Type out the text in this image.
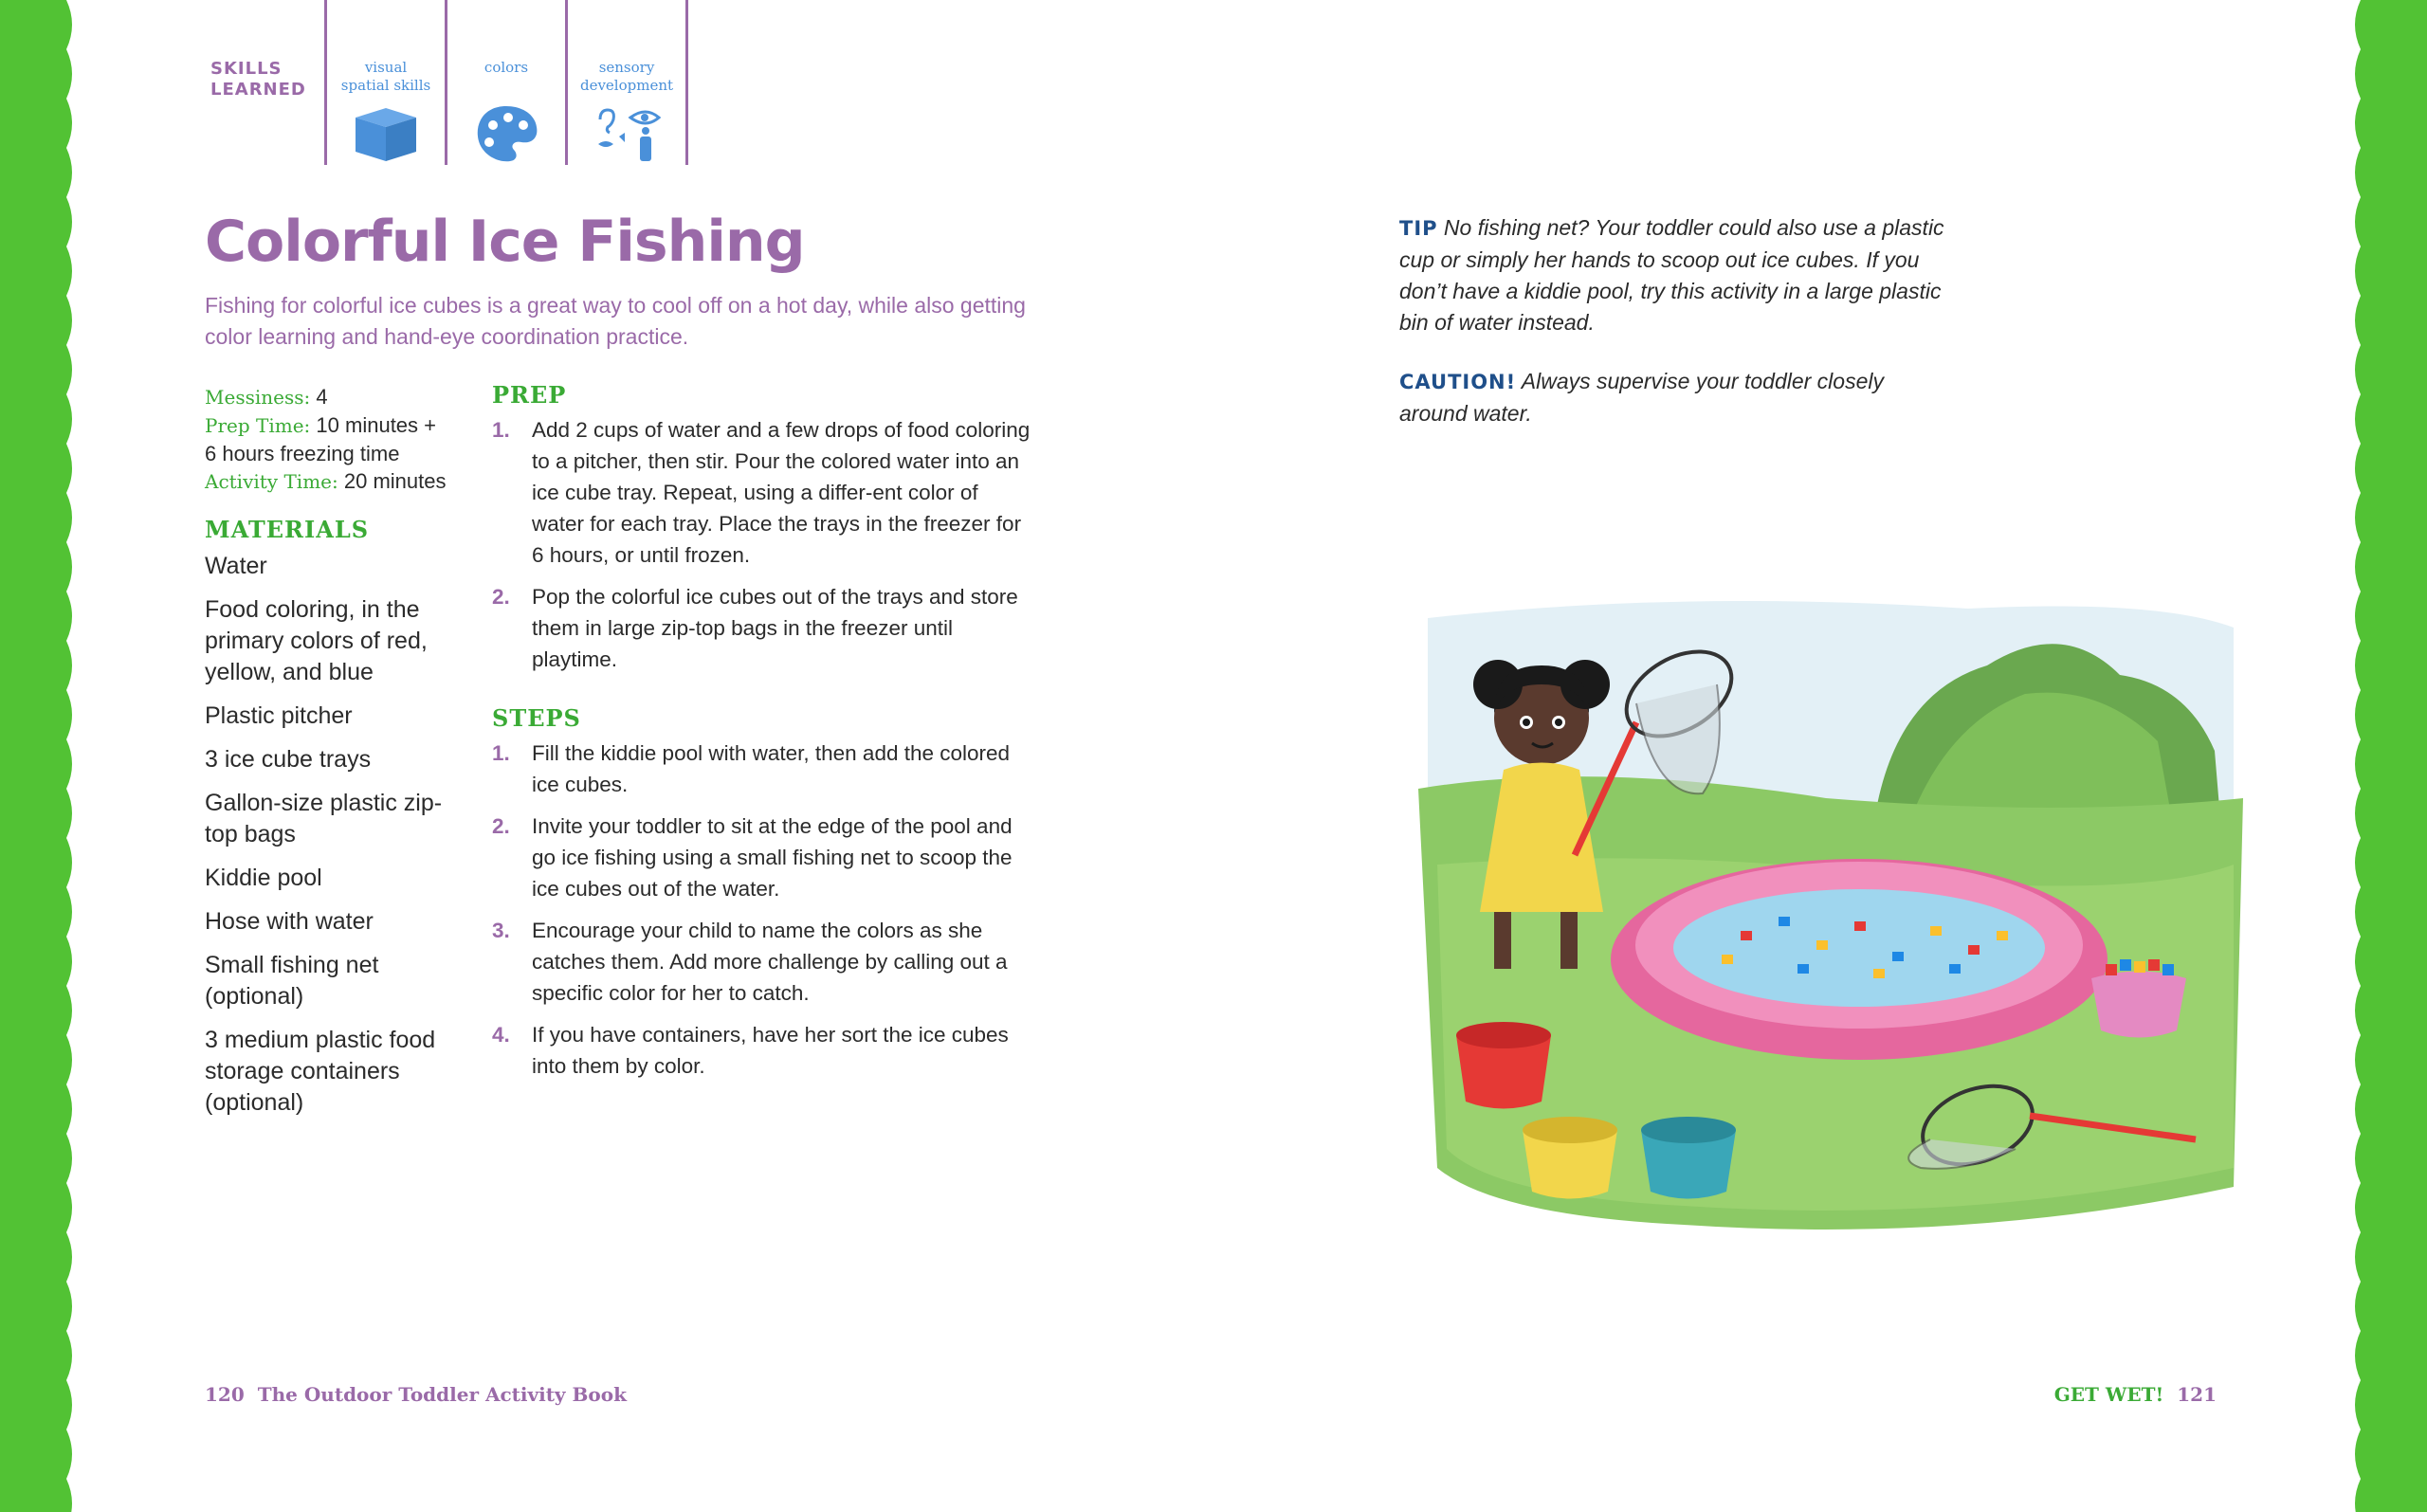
SKILLS
LEARNED
visual
spatial skills
colors	sensory
development
Colorful Ice Fishing
Fishing for colorful ice cubes is a great way to cool off on a hot day, while also getting color learning and hand-eye coordination practice.
Messiness: 4
Prep Time: 10 minutes +
6 hours freezing time
Activity Time: 20 minutes
MATERIALS
Water
Food coloring, in the primary colors of red, yellow, and blue
Plastic pitcher
3 ice cube trays
Gallon-size plastic zip-top bags
Kiddie pool
Hose with water
Small fishing net (optional)
3 medium plastic food storage containers (optional)
PREP
1. Add 2 cups of water and a few drops of food coloring to a pitcher, then stir. Pour the colored water into an ice cube tray. Repeat, using a differ-ent color of water for each tray. Place the trays in the freezer for 6 hours, or until frozen.
2. Pop the colorful ice cubes out of the trays and store them in large zip-top bags in the freezer until playtime.
STEPS
1. Fill the kiddie pool with water, then add the colored ice cubes.
2. Invite your toddler to sit at the edge of the pool and go ice fishing using a small fishing net to scoop the ice cubes out of the water.
3. Encourage your child to name the colors as she catches them. Add more challenge by calling out a specific color for her to catch.
4. If you have containers, have her sort the ice cubes into them by color.
120 The Outdoor Toddler Activity Book
TIP No fishing net? Your toddler could also use a plastic cup or simply her hands to scoop out ice cubes. If you don’t have a kiddie pool, try this activity in a large plastic bin of water instead.
CAUTION! Always supervise your toddler closely around water.
GET WET! 121
